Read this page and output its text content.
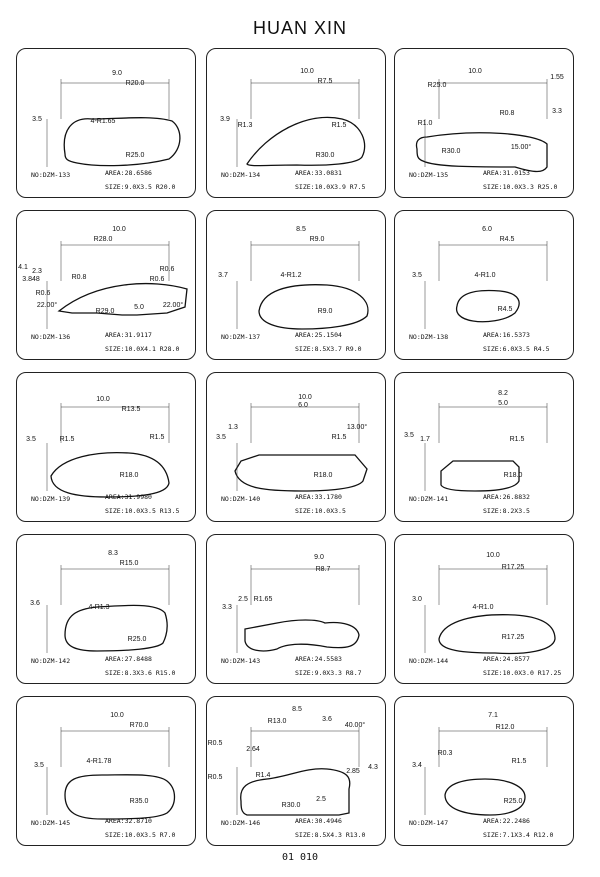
HUAN XIN
9.0
R20.0
3.5	4-R1.65
R25.0
NO:DZM-133	AREA:28.6586
SIZE:9.0X3.5 R20.0
10.0
R7.5
3.9
R1.3	R1.5
R30.0
NO:DZM-134	AREA:33.0831
SIZE:10.0X3.9 R7.5
10.0
R25.0
1.55
3.3
R1.0
R0.8
R30.0
15.00°
NO:DZM-135	AREA:31.0153
SIZE:10.0X3.3 R25.0
10.0
R28.0
4.1
3.848
2.3
R0.8
R0.6
R0.6
R0.6
22.00°
R29.0
5.0	22.00°
NO:DZM-136	AREA:31.9117
SIZE:10.0X4.1 R28.0
8.5
R9.0
3.7	4-R1.2
R9.0
NO:DZM-137	AREA:25.1504
SIZE:8.5X3.7 R9.0
6.0
R4.5
3.5	4-R1.0
R4.5
NO:DZM-138	AREA:16.5373
SIZE:6.0X3.5 R4.5
10.0
R13.5
3.5	R1.5	R1.5
R18.0
NO:DZM-139	AREA:31.9980
SIZE:10.0X3.5 R13.5
10.0
6.0
3.5
1.3
R1.5
13.00°
R18.0
NO:DZM-140	AREA:33.1780
SIZE:10.0X3.5
8.2
5.0
3.5
1.7	R1.5
R18.0
NO:DZM-141	AREA:26.8832
SIZE:8.2X3.5
8.3
R15.0
3.6
4-R1.3
R25.0
NO:DZM-142	AREA:27.8488
SIZE:8.3X3.6 R15.0
9.0
R8.7
3.3
2.5 R1.65
NO:DZM-143	AREA:24.5583
SIZE:9.0X3.3 R8.7
10.0
R17.25
3.0
4-R1.0
R17.25
NO:DZM-144	AREA:24.8577
SIZE:10.0X3.0 R17.25
10.0
R70.0
3.5
4-R1.78
R35.0
NO:DZM-145	AREA:32.8710
SIZE:10.0X3.5 R7.0
8.5
R13.0	3.6
40.00°
R0.5
2.64
R0.5	R1.4
2.85
4.3
R30.0
2.5
NO:DZM-146	AREA:30.4946
SIZE:8.5X4.3 R13.0
7.1
R12.0
3.4
R0.3
R1.5
R25.0
NO:DZM-147	AREA:22.2486
SIZE:7.1X3.4 R12.0
01 010
